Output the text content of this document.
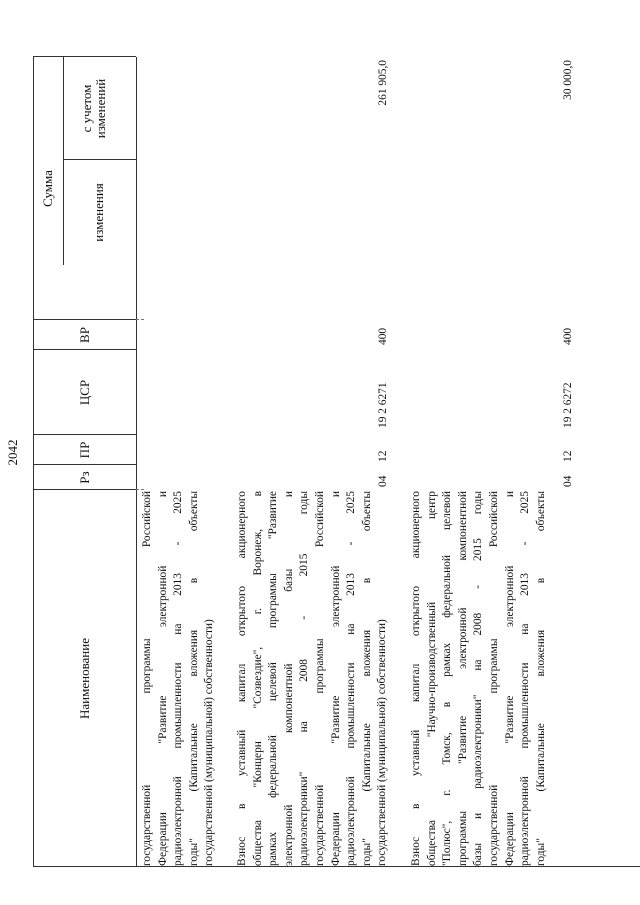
2042
Наименование
Рз
ПР
ЦСР
ВР
Сумма	изменения
с учетом изменений
государственной программы Российской Федерации "Развитие электронной и радиоэлектронной промышленности на 2013 - 2025 годы" (Капитальные вложения в объекты государственной (муниципальной) собственности) Взнос в уставный капитал открытого акционерного общества "Концерн "Созвездие", г. Воронеж, в рамках федеральной целевой программы "Развитие электронной компонентной базы и радиоэлектроники" на 2008 - 2015 годы государственной программы Российской Федерации "Развитие электронной и радиоэлектронной промышленности на 2013 - 2025 годы" (Капитальные вложения в объекты государственной (муниципальной) собственности)
04
12
19 2 6271
400
261 905,0
Взнос в уставный капитал открытого акционерного общества "Научно-производственный центр "Полюс", г. Томск, в рамках федеральной целевой программы "Развитие электронной компонентной базы и радиоэлектроники" на 2008 - 2015 годы государственной программы Российской Федерации "Развитие электронной и радиоэлектронной промышленности на 2013 - 2025 годы" (Капитальные вложения в объекты
04
12
19 2 6272
400
30 000,0
